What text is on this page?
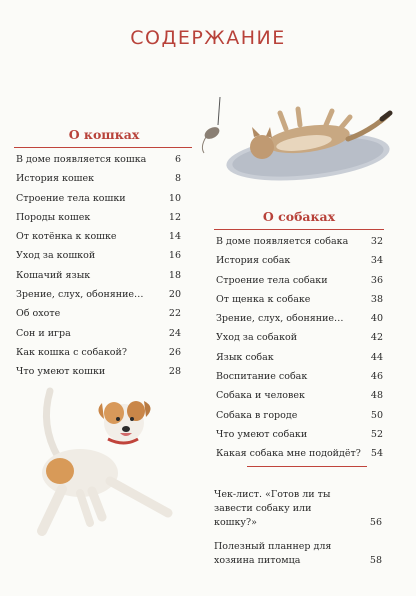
СОДЕРЖАНИЕ
О кошках
В доме появляется кошка	6
История кошек	8
Строение тела кошки	10
Породы кошек	12
От котёнка к кошке	14
Уход за кошкой	16
Кошачий язык	18
Зрение, слух, обоняние…	20
Об охоте	22
Сон и игра	24
Как кошка с собакой?	26
Что умеют кошки	28
О собаках
В доме появляется собака	32
История собак	34
Строение тела собаки	36
От щенка к собаке	38
Зрение, слух, обоняние…	40
Уход за собакой	42
Язык собак	44
Воспитание собак	46
Собака и человек	48
Собака в городе	50
Что умеют собаки	52
Какая собака мне подойдёт?	54
Чек-лист. «Готов ли ты завести собаку или кошку?»	56
Полезный планнер для хозяина питомца	58
